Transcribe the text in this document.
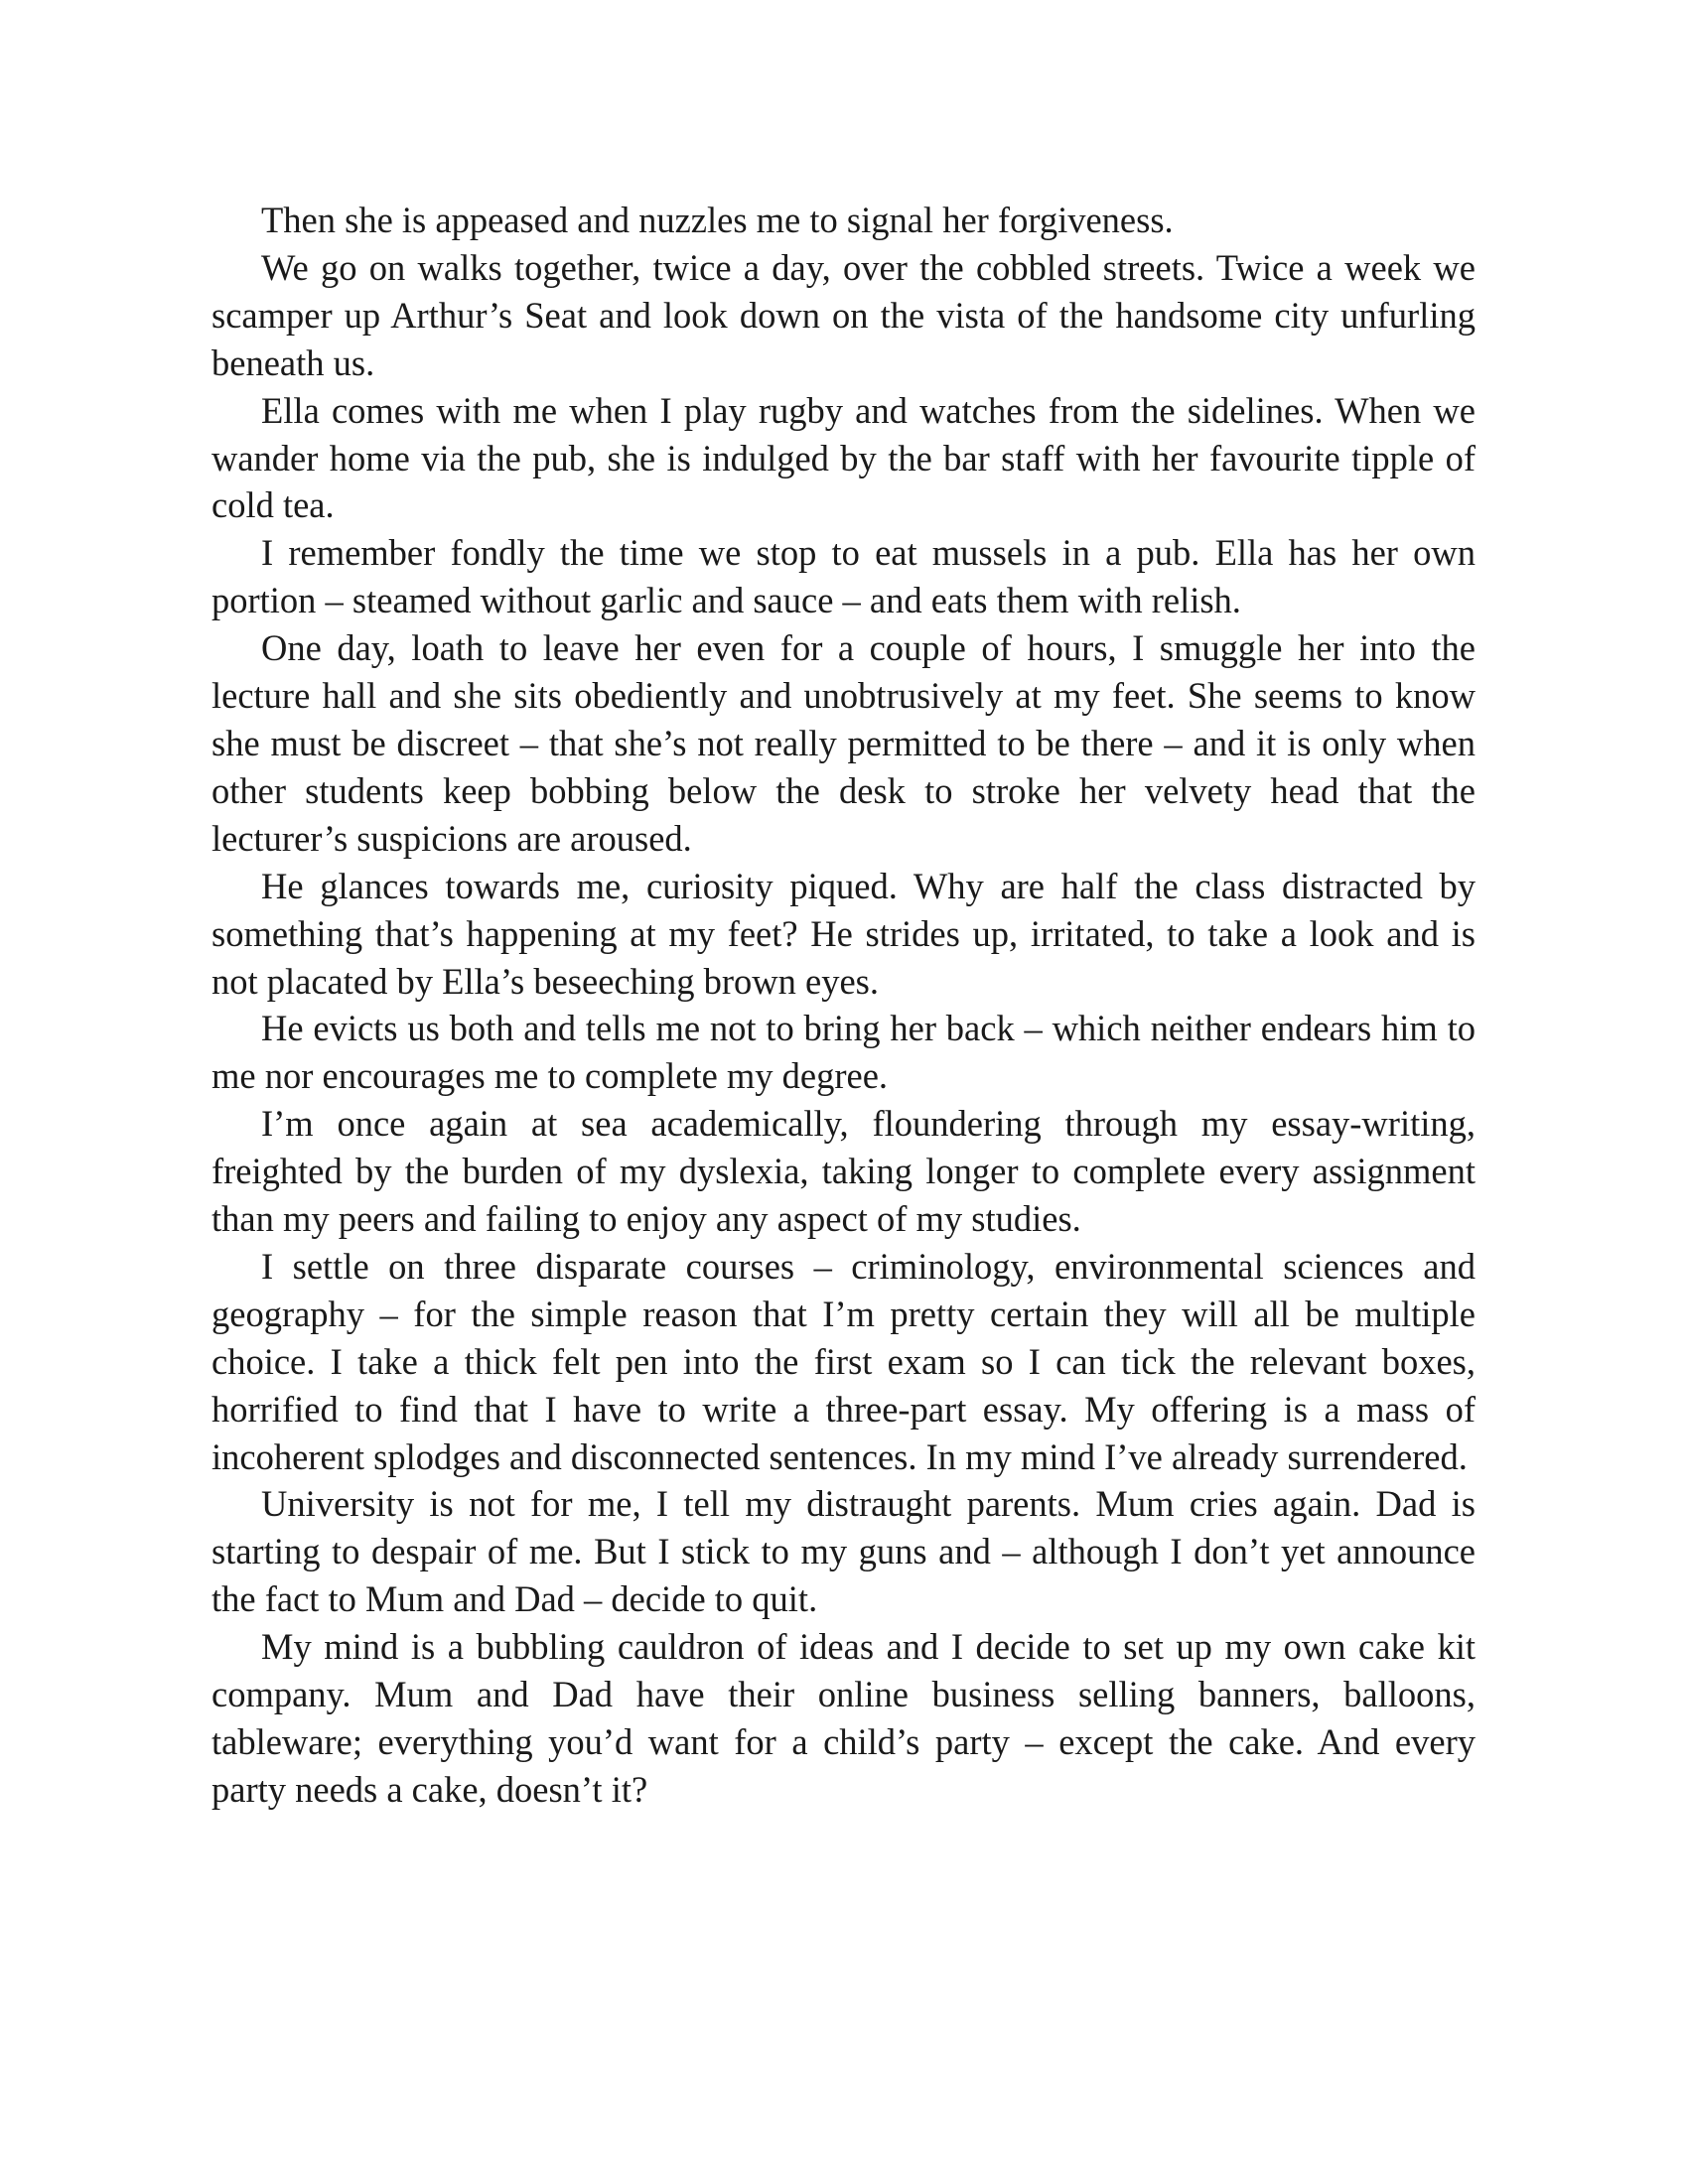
Then she is appeased and nuzzles me to signal her forgiveness.

We go on walks together, twice a day, over the cobbled streets. Twice a week we scamper up Arthur’s Seat and look down on the vista of the handsome city unfurling beneath us.

Ella comes with me when I play rugby and watches from the sidelines. When we wander home via the pub, she is indulged by the bar staff with her favourite tipple of cold tea.

I remember fondly the time we stop to eat mussels in a pub. Ella has her own portion – steamed without garlic and sauce – and eats them with relish.

One day, loath to leave her even for a couple of hours, I smuggle her into the lecture hall and she sits obediently and unobtrusively at my feet. She seems to know she must be discreet – that she’s not really permitted to be there – and it is only when other students keep bobbing below the desk to stroke her velvety head that the lecturer’s suspicions are aroused.

He glances towards me, curiosity piqued. Why are half the class distracted by something that’s happening at my feet? He strides up, irritated, to take a look and is not placated by Ella’s beseeching brown eyes.

He evicts us both and tells me not to bring her back – which neither endears him to me nor encourages me to complete my degree.

I’m once again at sea academically, floundering through my essay-writing, freighted by the burden of my dyslexia, taking longer to complete every assignment than my peers and failing to enjoy any aspect of my studies.

I settle on three disparate courses – criminology, environmental sciences and geography – for the simple reason that I’m pretty certain they will all be multiple choice. I take a thick felt pen into the first exam so I can tick the relevant boxes, horrified to find that I have to write a three-part essay. My offering is a mass of incoherent splodges and disconnected sentences. In my mind I’ve already surrendered.

University is not for me, I tell my distraught parents. Mum cries again. Dad is starting to despair of me. But I stick to my guns and – although I don’t yet announce the fact to Mum and Dad – decide to quit.

My mind is a bubbling cauldron of ideas and I decide to set up my own cake kit company. Mum and Dad have their online business selling banners, balloons, tableware; everything you’d want for a child’s party – except the cake. And every party needs a cake, doesn’t it?
